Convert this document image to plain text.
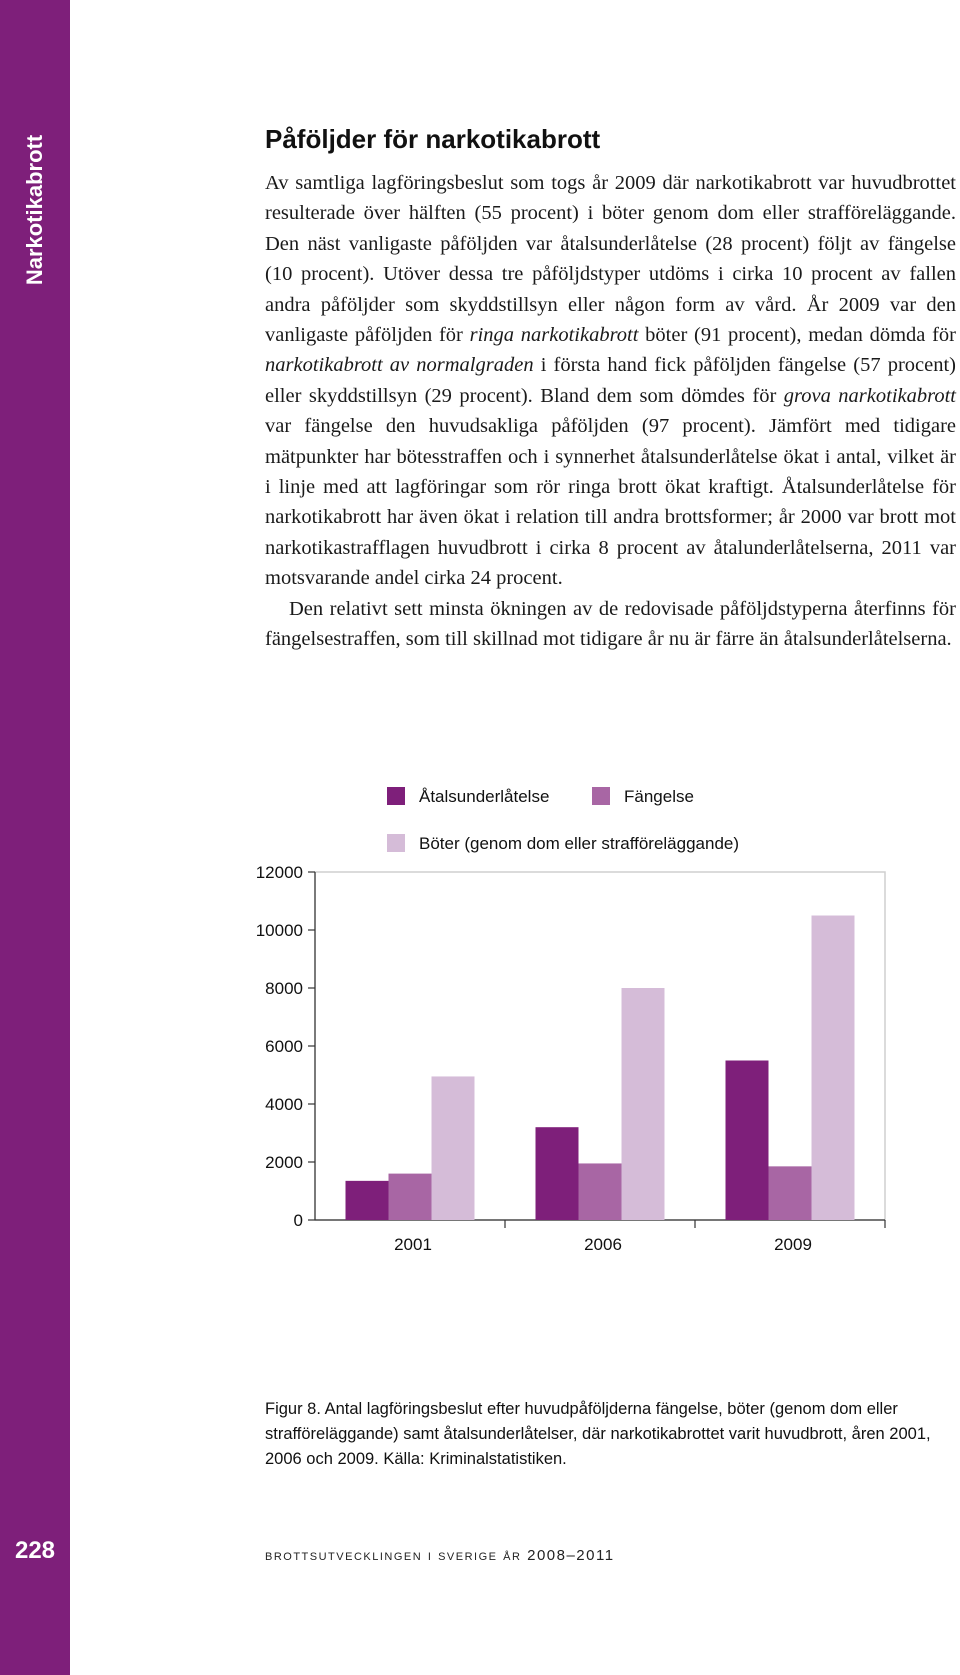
Narkotikabrott
228
Påföljder för narkotikabrott

Av samtliga lagföringsbeslut som togs år 2009 där narkotikabrott var huvudbrottet resulterade över hälften (55 procent) i böter genom dom eller strafföreläggande. Den näst vanligaste påföljden var åtalsunderlåtelse (28 procent) följt av fängelse (10 procent). Utöver dessa tre påföljdstyper utdöms i cirka 10 procent av fallen andra påföljder som skyddstillsyn eller någon form av vård. År 2009 var den vanligaste påföljden för ringa narkotikabrott böter (91 procent), medan dömda för narkotikabrott av normalgraden i första hand fick påföljden fängelse (57 procent) eller skyddstillsyn (29 procent). Bland dem som dömdes för grova narkotikabrott var fängelse den huvudsakliga påföljden (97 procent). Jämfört med tidigare mätpunkter har bötesstraffen och i synnerhet åtalsunderlåtelse ökat i antal, vilket är i linje med att lagföringar som rör ringa brott ökat kraftigt. Åtalsunderlåtelse för narkotikabrott har även ökat i relation till andra brottsformer; år 2000 var brott mot narkotikastrafflagen huvudbrott i cirka 8 procent av åtalunderlåtelserna, 2011 var motsvarande andel cirka 24 procent.

Den relativt sett minsta ökningen av de redovisade påföljdstyperna återfinns för fängelsestraffen, som till skillnad mot tidigare år nu är färre än åtalsunderlåtelserna.

Åtalsunderlåtelse	Fängelse
Böter (genom dom eller strafföreläggande)
0
2000
4000
6000
8000
10000
12000
2001	2006	2009
Figur 8. Antal lagföringsbeslut efter huvudpåföljderna fängelse, böter (genom dom eller strafföreläggande) samt åtalsunderlåtelser, där narkotikabrottet varit huvudbrott, åren 2001, 2006 och 2009. Källa: Kriminalstatistiken.
brottsutvecklingen i sverige år 2008–2011
